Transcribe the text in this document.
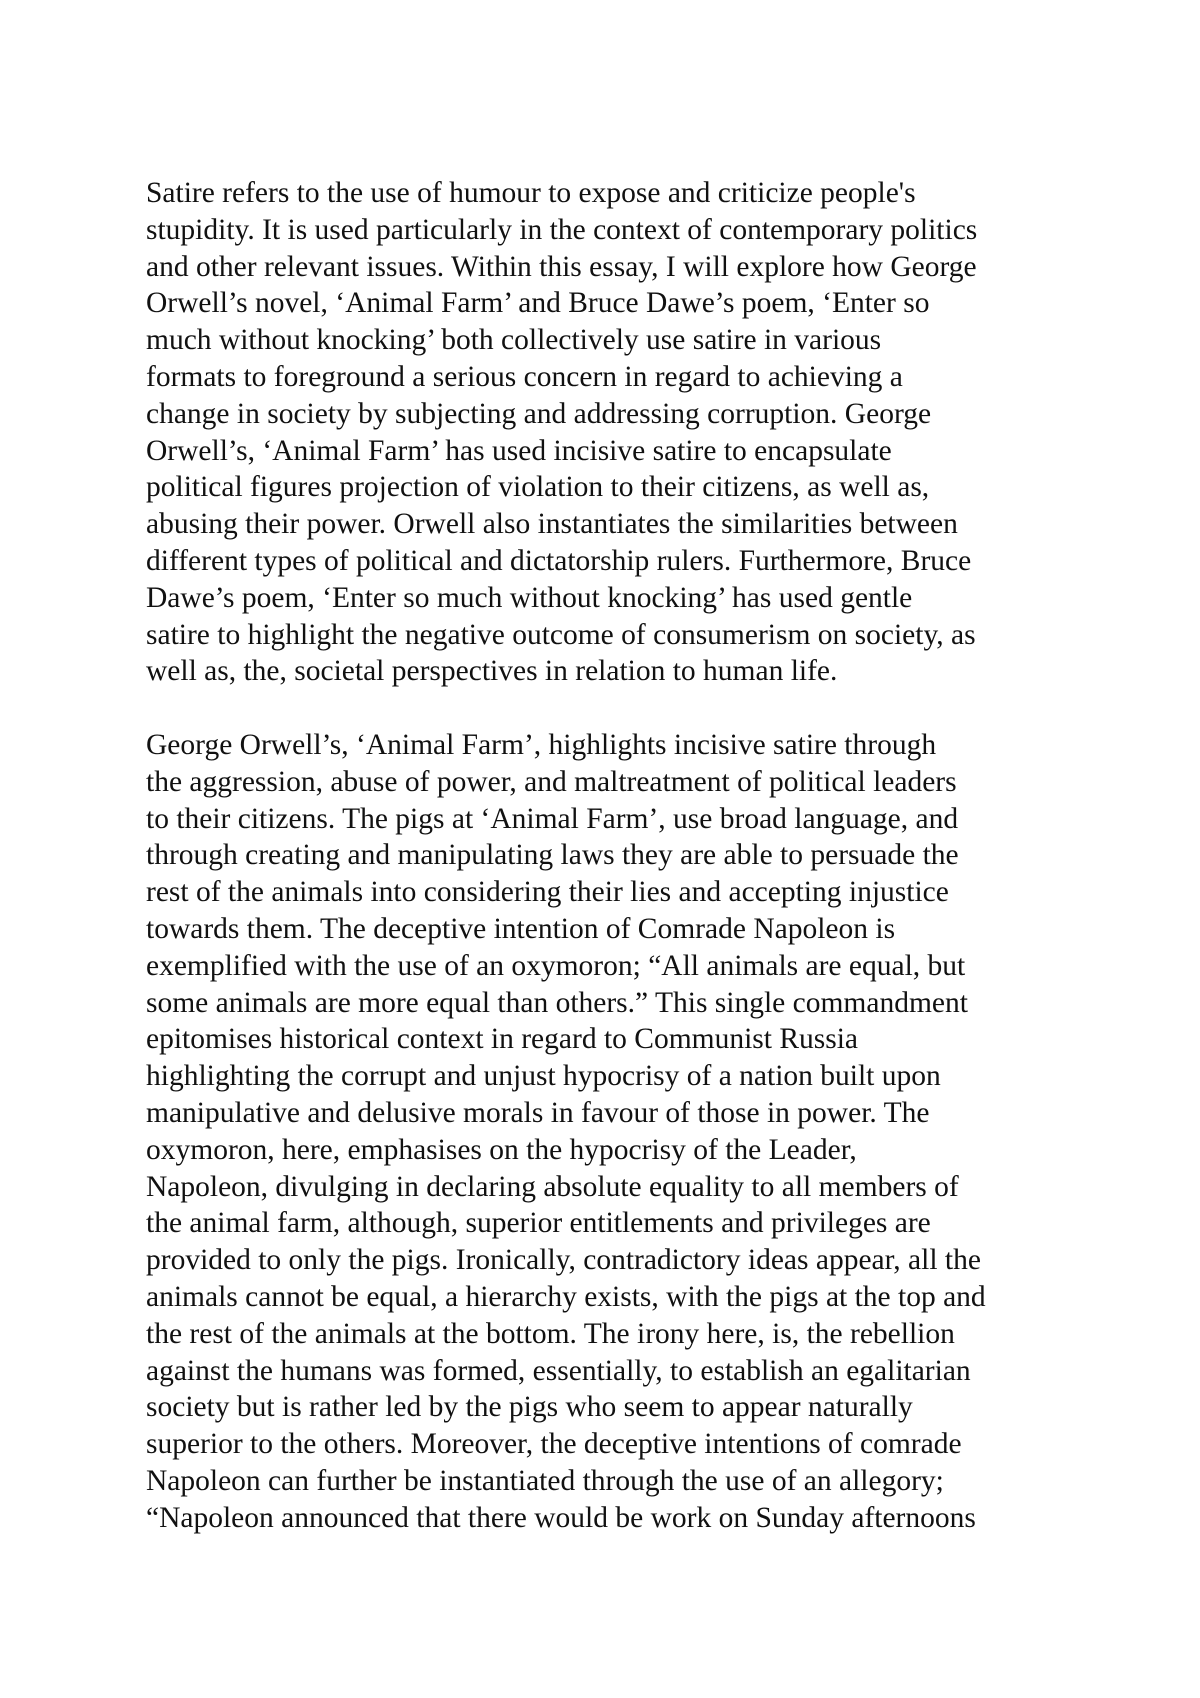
Satire refers to the use of humour to expose and criticize people's
stupidity. It is used particularly in the context of contemporary politics
and other relevant issues. Within this essay, I will explore how George
Orwell’s novel, ‘Animal Farm’ and Bruce Dawe’s poem, ‘Enter so
much without knocking’ both collectively use satire in various
formats to foreground a serious concern in regard to achieving a
change in society by subjecting and addressing corruption. George
Orwell’s, ‘Animal Farm’ has used incisive satire to encapsulate
political figures projection of violation to their citizens, as well as,
abusing their power. Orwell also instantiates the similarities between
different types of political and dictatorship rulers. Furthermore, Bruce
Dawe’s poem, ‘Enter so much without knocking’ has used gentle
satire to highlight the negative outcome of consumerism on society, as
well as, the, societal perspectives in relation to human life.

George Orwell’s, ‘Animal Farm’, highlights incisive satire through
the aggression, abuse of power, and maltreatment of political leaders
to their citizens. The pigs at ‘Animal Farm’, use broad language, and
through creating and manipulating laws they are able to persuade the
rest of the animals into considering their lies and accepting injustice
towards them. The deceptive intention of Comrade Napoleon is
exemplified with the use of an oxymoron; “All animals are equal, but
some animals are more equal than others.” This single commandment
epitomises historical context in regard to Communist Russia
highlighting the corrupt and unjust hypocrisy of a nation built upon
manipulative and delusive morals in favour of those in power. The
oxymoron, here, emphasises on the hypocrisy of the Leader,
Napoleon, divulging in declaring absolute equality to all members of
the animal farm, although, superior entitlements and privileges are
provided to only the pigs. Ironically, contradictory ideas appear, all the
animals cannot be equal, a hierarchy exists, with the pigs at the top and
the rest of the animals at the bottom. The irony here, is, the rebellion
against the humans was formed, essentially, to establish an egalitarian
society but is rather led by the pigs who seem to appear naturally
superior to the others. Moreover, the deceptive intentions of comrade
Napoleon can further be instantiated through the use of an allegory;
“Napoleon announced that there would be work on Sunday afternoons
